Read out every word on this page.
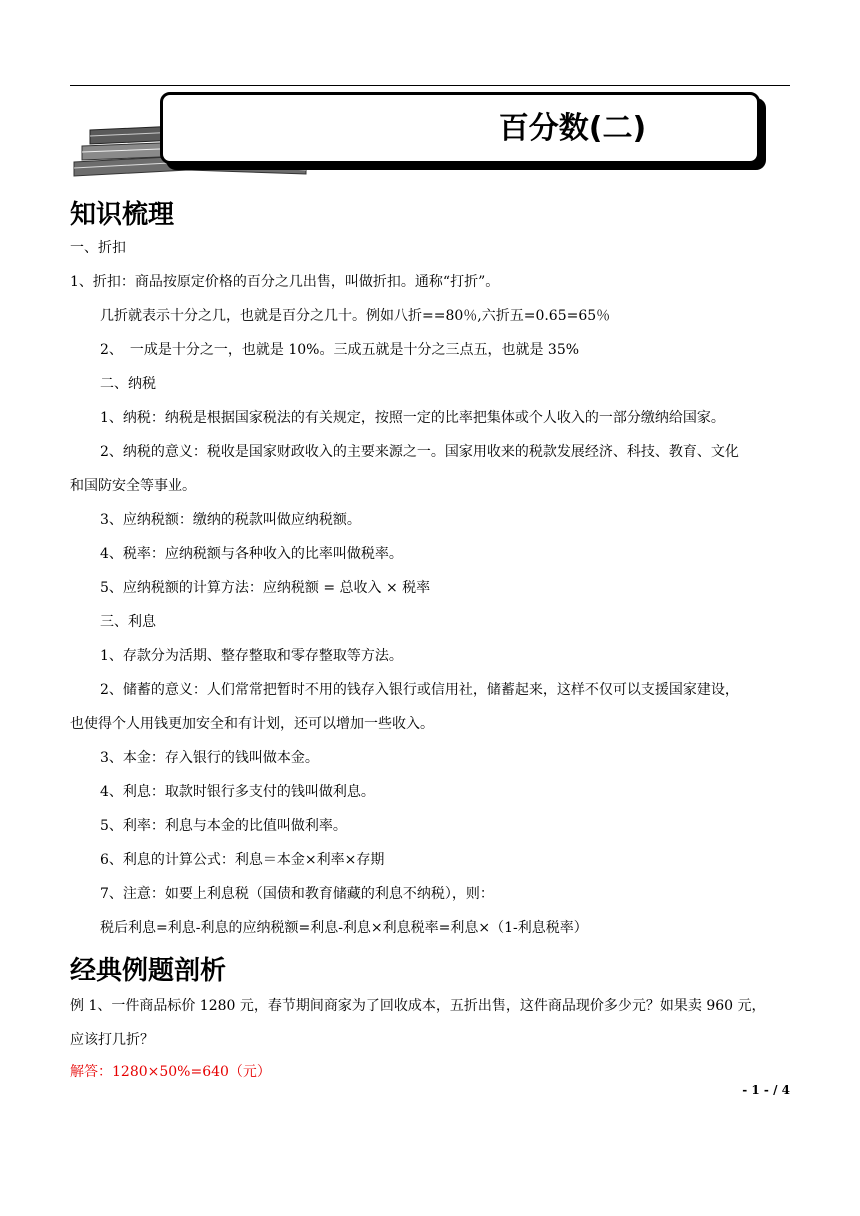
百分数(二)
知识梳理
一、折扣
1、折扣：商品按原定价格的百分之几出售，叫做折扣。通称“打折”。
几折就表示十分之几，也就是百分之几十。例如八折==80％,六折五=0.65=65％
2、　一成是十分之一，也就是 10%。三成五就是十分之三点五，也就是 35%
二、纳税
1、纳税：纳税是根据国家税法的有关规定，按照一定的比率把集体或个人收入的一部分缴纳给国家。
2、纳税的意义：税收是国家财政收入的主要来源之一。国家用收来的税款发展经济、科技、教育、文化
和国防安全等事业。
3、应纳税额：缴纳的税款叫做应纳税额。
4、税率：应纳税额与各种收入的比率叫做税率。
5、应纳税额的计算方法：应纳税额 = 总收入 × 税率
三、利息
1、存款分为活期、整存整取和零存整取等方法。
2、储蓄的意义：人们常常把暂时不用的钱存入银行或信用社，储蓄起来，这样不仅可以支援国家建设，
也使得个人用钱更加安全和有计划，还可以增加一些收入。
3、本金：存入银行的钱叫做本金。
4、利息：取款时银行多支付的钱叫做利息。
5、利率：利息与本金的比值叫做利率。
6、利息的计算公式：利息＝本金×利率×存期
7、注意：如要上利息税（国债和教育储藏的利息不纳税），则：
税后利息=利息-利息的应纳税额=利息-利息×利息税率=利息×（1-利息税率）
经典例题剖析
例 1、一件商品标价 1280 元，春节期间商家为了回收成本，五折出售，这件商品现价多少元？如果卖 960 元，
应该打几折？
解答：1280×50%=640（元）
- 1 - / 4
